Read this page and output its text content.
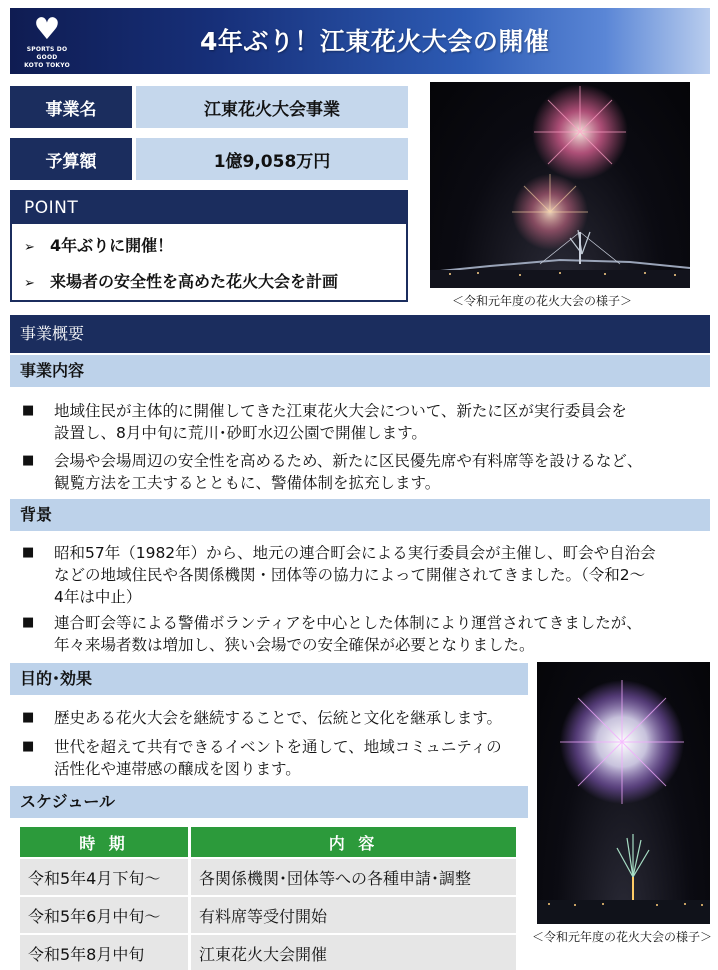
♥
SPORTS DO GOOD
KOTO TOKYO
4年ぶり！江東花火大会の開催
事業名	江東花火大会事業
予算額	1億9,058万円
POINT
➢ 4年ぶりに開催！
➢ 来場者の安全性を高めた花火大会を計画
＜令和元年度の花火大会の様子＞
事業概要
事業内容
■	地域住民が主体的に開催してきた江東花火大会について、新たに区が実行委員会を
設置し、8月中旬に荒川･砂町水辺公園で開催します。
■	会場や会場周辺の安全性を高めるため、新たに区民優先席や有料席等を設けるなど、
観覧方法を工夫するとともに、警備体制を拡充します。
背景
■	昭和57年（1982年）から、地元の連合町会による実行委員会が主催し、町会や自治会
などの地域住民や各関係機関・団体等の協力によって開催されてきました。（令和2～
4年は中止）
■	連合町会等による警備ボランティアを中心とした体制により運営されてきましたが、
年々来場者数は増加し、狭い会場での安全確保が必要となりました。
目的･効果
■	歴史ある花火大会を継続することで、伝統と文化を継承します。
■	世代を超えて共有できるイベントを通して、地域コミュニティの
活性化や連帯感の醸成を図ります。
スケジュール
時 期	内 容
令和5年4月下旬～	各関係機関･団体等への各種申請･調整
令和5年6月中旬～	有料席等受付開始
令和5年8月中旬	江東花火大会開催
＜令和元年度の花火大会の様子＞
